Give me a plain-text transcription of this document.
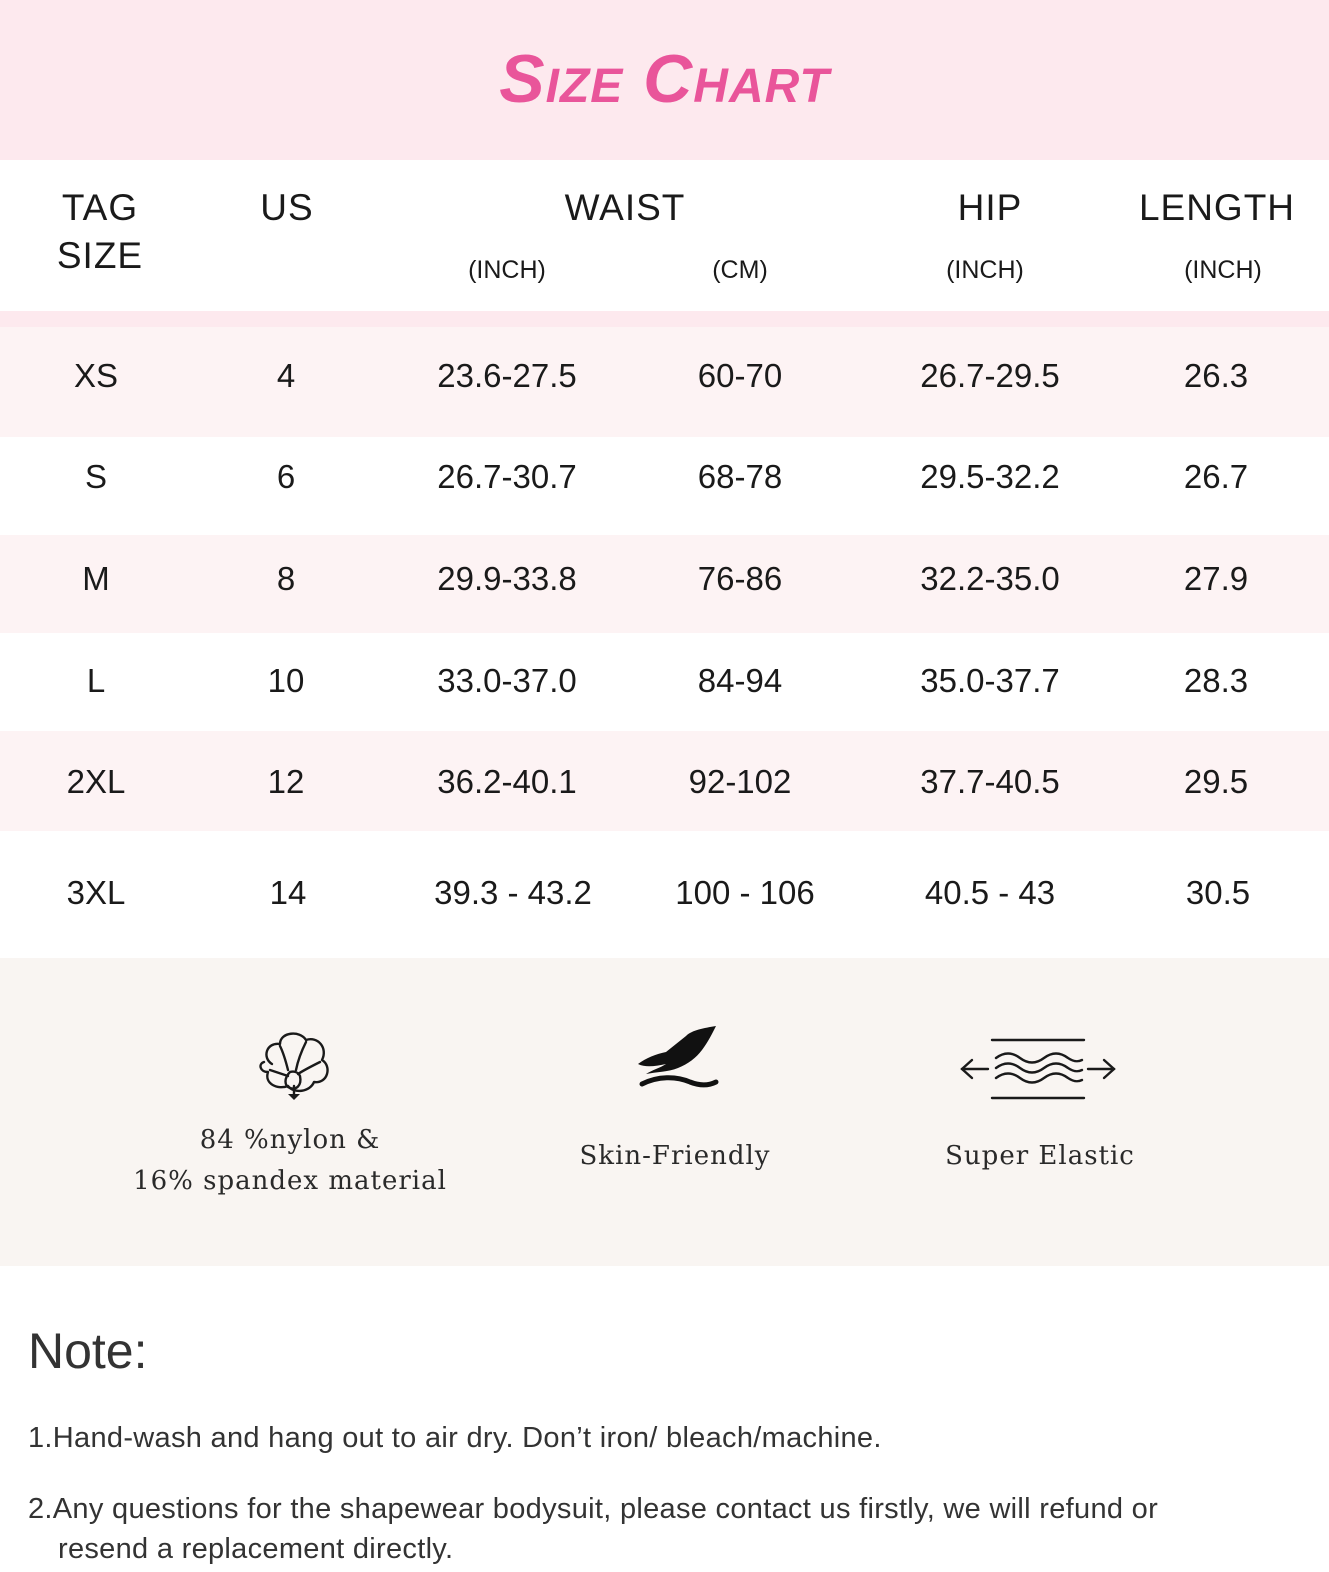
Size Chart
TAG
SIZE
US	WAIST	HIP	LENGTH
(INCH)	(CM)	(INCH)	(INCH)
XS	4	23.6-27.5	60-70	26.7-29.5	26.3
S	6	26.7-30.7	68-78	29.5-32.2	26.7
M	8	29.9-33.8	76-86	32.2-35.0	27.9
L	10	33.0-37.0	84-94	35.0-37.7	28.3
2XL	12	36.2-40.1	92-102	37.7-40.5	29.5
3XL	14	39.3 - 43.2	100 - 106	40.5 - 43	30.5
84 %nylon &
16% spandex material
Skin-Friendly	Super Elastic
Note:
1.Hand-wash and hang out to air dry. Don’t iron/ bleach/machine.
2.Any questions for the shapewear bodysuit, please contact us firstly, we will refund or
resend a replacement directly.
